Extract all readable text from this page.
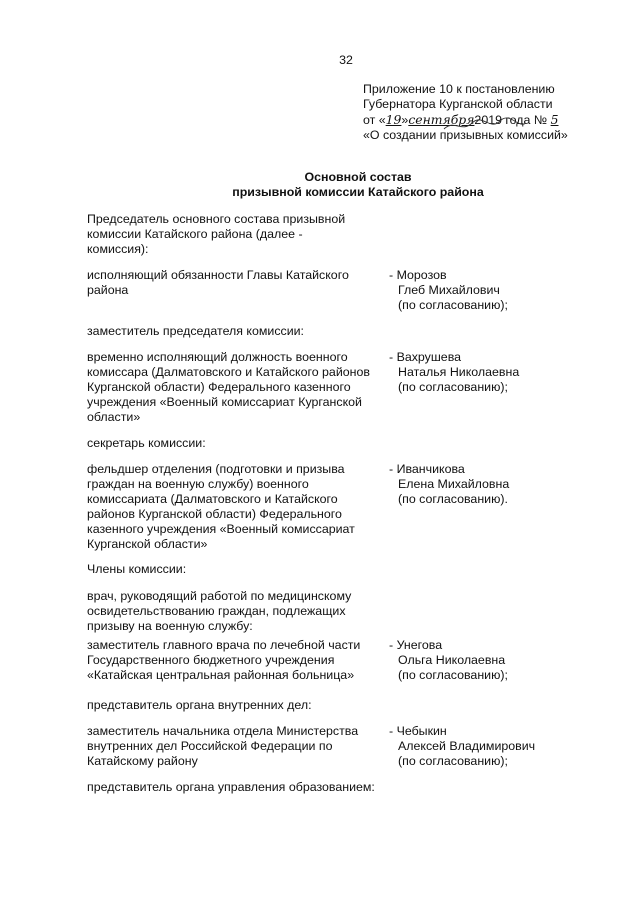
32
Приложение 10 к постановлению
Губернатора Курганской области
от «19»сентября2019 года № 5
«О создании призывных комиссий»
Основной состав
призывной комиссии Катайского района
Председатель основного состава призывной
комиссии Катайского района (далее -
комиссия):
исполняющий обязанности Главы Катайского
района
- Морозов
Глеб Михайлович
(по согласованию);
заместитель председателя комиссии:
временно исполняющий должность военного
комиссара (Далматовского и Катайского районов
Курганской области) Федерального казенного
учреждения «Военный комиссариат Курганской
области»
- Вахрушева
Наталья Николаевна
(по согласованию);
секретарь комиссии:
фельдшер отделения (подготовки и призыва
граждан на военную службу) военного
комиссариата (Далматовского и Катайского
районов Курганской области) Федерального
казенного учреждения «Военный комиссариат
Курганской области»
- Иванчикова
Елена Михайловна
(по согласованию).
Члены комиссии:
врач, руководящий работой по медицинскому
освидетельствованию граждан, подлежащих
призыву на военную службу:
заместитель главного врача по лечебной части
Государственного бюджетного учреждения
«Катайская центральная районная больница»
- Унегова
Ольга Николаевна
(по согласованию);
представитель органа внутренних дел:
заместитель начальника отдела Министерства
внутренних дел Российской Федерации по
Катайскому району
- Чебыкин
Алексей Владимирович
(по согласованию);
представитель органа управления образованием:
